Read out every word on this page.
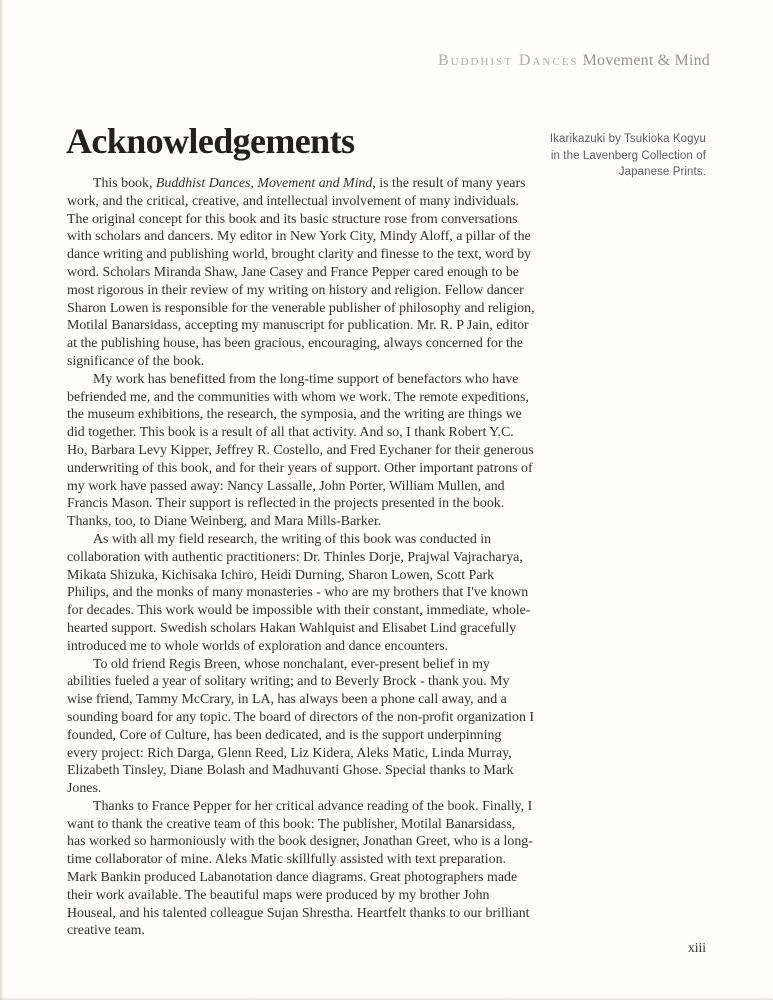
Buddhist Dances Movement & Mind
Acknowledgements	Ikarikazuki by Tsukioka Kogyu
in the Lavenberg Collection of
Japanese Prints.

This book, Buddhist Dances, Movement and Mind, is the result of many years work, and the critical, creative, and intellectual involvement of many individuals. The original concept for this book and its basic structure rose from conversations with scholars and dancers. My editor in New York City, Mindy Aloff, a pillar of the dance writing and publishing world, brought clarity and finesse to the text, word by word. Scholars Miranda Shaw, Jane Casey and France Pepper cared enough to be most rigorous in their review of my writing on history and religion. Fellow dancer Sharon Lowen is responsible for the venerable publisher of philosophy and religion, Motilal Banarsidass, accepting my manuscript for publication. Mr. R. P Jain, editor at the publishing house, has been gracious, encouraging, always concerned for the significance of the book.

My work has benefitted from the long-time support of benefactors who have befriended me, and the communities with whom we work. The remote expeditions, the museum exhibitions, the research, the symposia, and the writing are things we did together. This book is a result of all that activity. And so, I thank Robert Y.C. Ho, Barbara Levy Kipper, Jeffrey R. Costello, and Fred Eychaner for their generous underwriting of this book, and for their years of support. Other important patrons of my work have passed away: Nancy Lassalle, John Porter, William Mullen, and Francis Mason. Their support is reflected in the projects presented in the book. Thanks, too, to Diane Weinberg, and Mara Mills-Barker.

As with all my field research, the writing of this book was conducted in collaboration with authentic practitioners: Dr. Thinles Dorje, Prajwal Vajracharya, Mikata Shizuka, Kichisaka Ichiro, Heidi Durning, Sharon Lowen, Scott Park Philips, and the monks of many monasteries - who are my brothers that I've known for decades. This work would be impossible with their constant, immediate, whole-hearted support. Swedish scholars Hakan Wahlquist and Elisabet Lind gracefully introduced me to whole worlds of exploration and dance encounters.

To old friend Regis Breen, whose nonchalant, ever-present belief in my abilities fueled a year of solitary writing; and to Beverly Brock - thank you. My wise friend, Tammy McCrary, in LA, has always been a phone call away, and a sounding board for any topic. The board of directors of the non-profit organization I founded, Core of Culture, has been dedicated, and is the support underpinning every project: Rich Darga, Glenn Reed, Liz Kidera, Aleks Matic, Linda Murray, Elizabeth Tinsley, Diane Bolash and Madhuvanti Ghose. Special thanks to Mark Jones.

Thanks to France Pepper for her critical advance reading of the book. Finally, I want to thank the creative team of this book: The publisher, Motilal Banarsidass, has worked so harmoniously with the book designer, Jonathan Greet, who is a long-time collaborator of mine. Aleks Matic skillfully assisted with text preparation. Mark Bankin produced Labanotation dance diagrams. Great photographers made their work available. The beautiful maps were produced by my brother John Houseal, and his talented colleague Sujan Shrestha. Heartfelt thanks to our brilliant creative team.

xiii
